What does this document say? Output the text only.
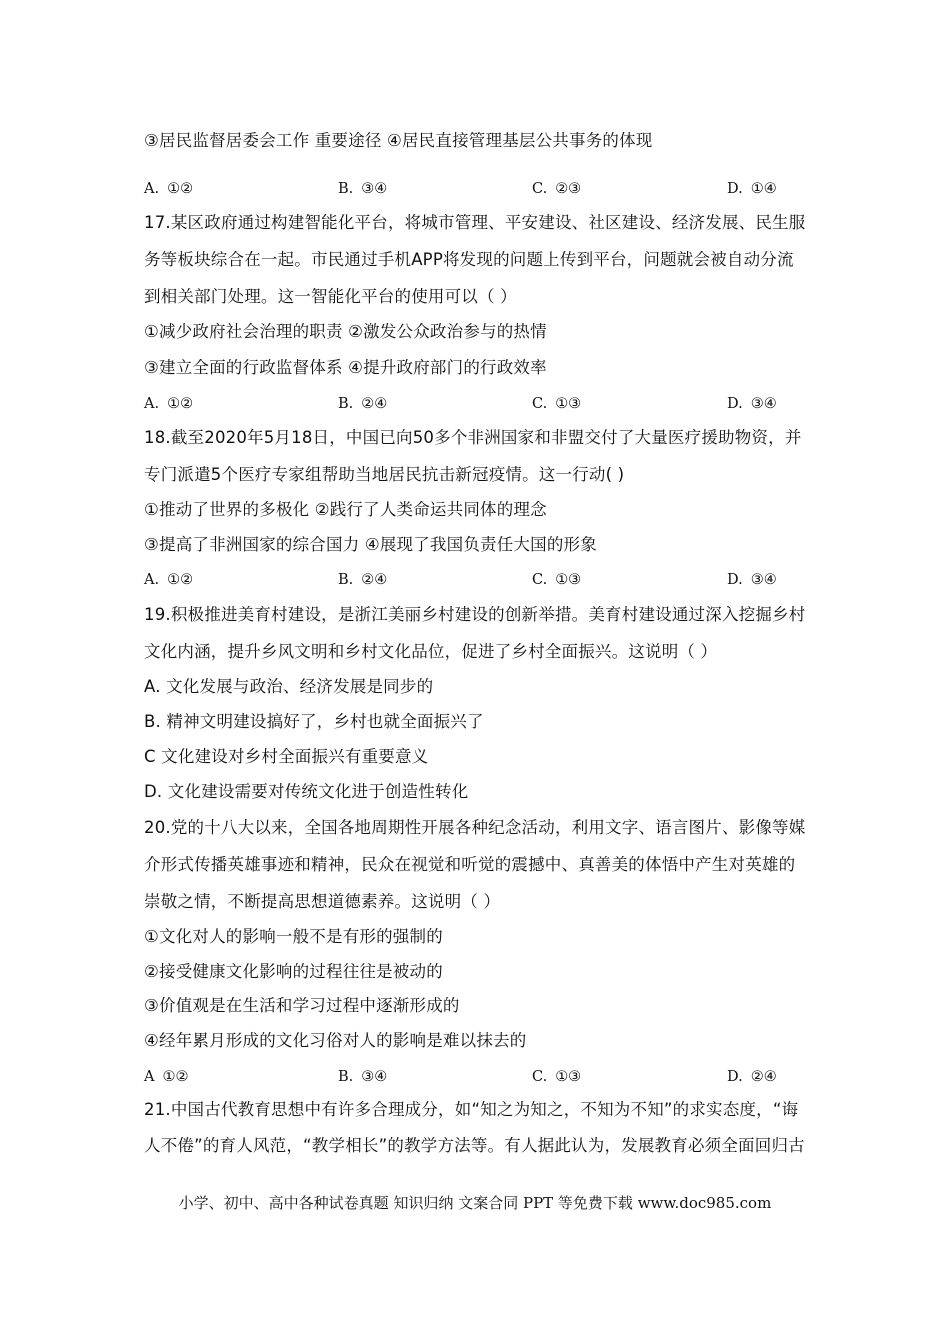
③居民监督居委会工作 重要途径 ④居民直接管理基层公共事务的体现
A. ①②	B. ③④	C. ②③	D. ①④
17.某区政府通过构建智能化平台，将城市管理、平安建设、社区建设、经济发展、民生服
务等板块综合在一起。市民通过手机APP将发现的问题上传到平台，问题就会被自动分流
到相关部门处理。这一智能化平台的使用可以（ ）
①减少政府社会治理的职责 ②激发公众政治参与的热情
③建立全面的行政监督体系 ④提升政府部门的行政效率
A. ①②	B. ②④	C. ①③	D. ③④
18.截至2020年5月18日，中国已向50多个非洲国家和非盟交付了大量医疗援助物资，并
专门派遣5个医疗专家组帮助当地居民抗击新冠疫情。这一行动( )
①推动了世界的多极化 ②践行了人类命运共同体的理念
③提高了非洲国家的综合国力 ④展现了我国负责任大国的形象
A. ①②	B. ②④	C. ①③	D. ③④
19.积极推进美育村建设，是浙江美丽乡村建设的创新举措。美育村建设通过深入挖掘乡村
文化内涵，提升乡风文明和乡村文化品位，促进了乡村全面振兴。这说明（ ）
A. 文化发展与政治、经济发展是同步的
B. 精神文明建设搞好了，乡村也就全面振兴了
C 文化建设对乡村全面振兴有重要意义
D. 文化建设需要对传统文化进于创造性转化
20.党的十八大以来，全国各地周期性开展各种纪念活动，利用文字、语言图片、影像等媒
介形式传播英雄事迹和精神，民众在视觉和听觉的震撼中、真善美的体悟中产生对英雄的
崇敬之情，不断提高思想道德素养。这说明（ ）
①文化对人的影响一般不是有形的强制的
②接受健康文化影响的过程往往是被动的
③价值观是在生活和学习过程中逐渐形成的
④经年累月形成的文化习俗对人的影响是难以抹去的
A ①②	B. ③④	C. ①③	D. ②④
21.中国古代教育思想中有许多合理成分，如“知之为知之，不知为不知”的求实态度，“诲
人不倦”的育人风范，“教学相长”的教学方法等。有人据此认为，发展教育必须全面回归古
小学、初中、高中各种试卷真题 知识归纳 文案合同 PPT 等免费下载 www.doc985.com
